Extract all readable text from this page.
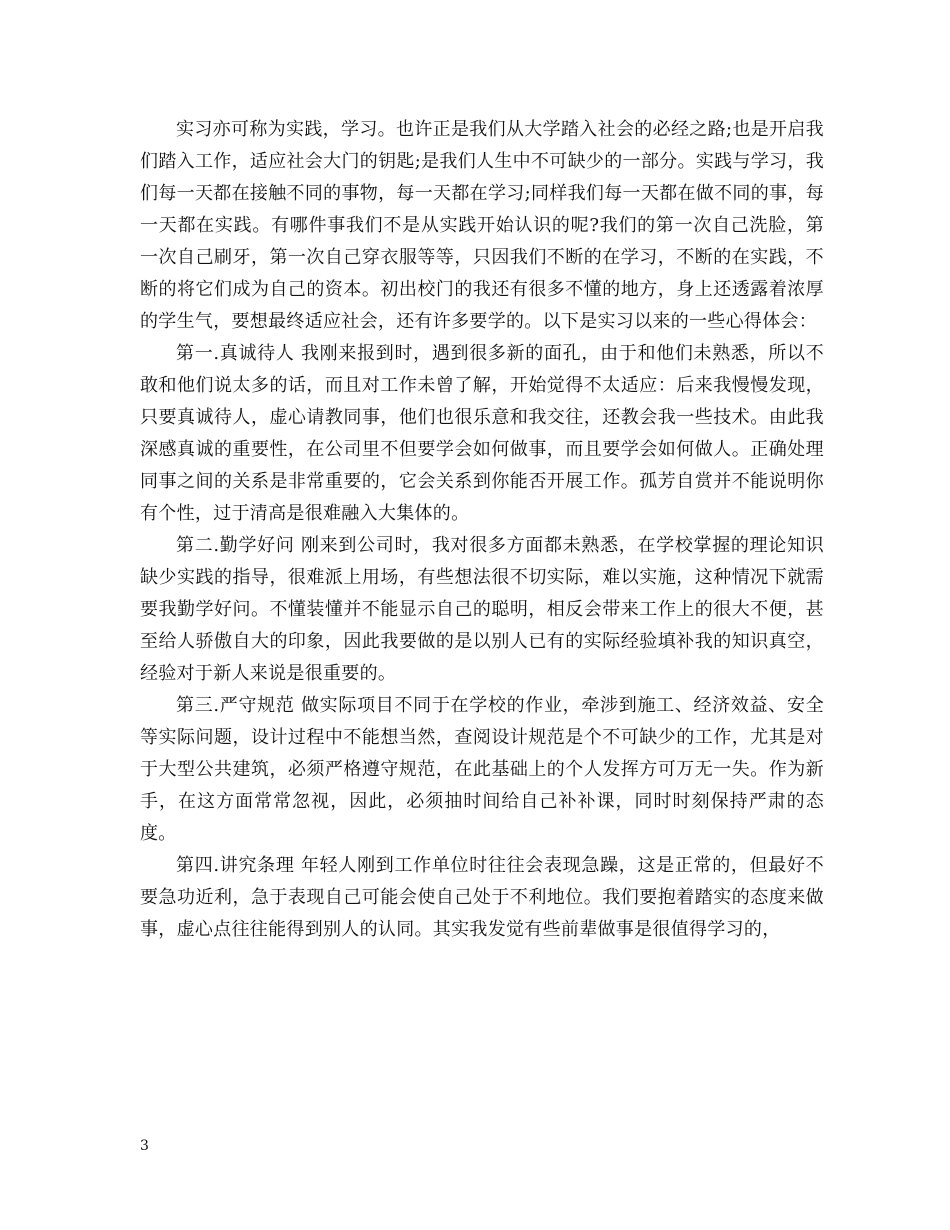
实习亦可称为实践，学习。也许正是我们从大学踏入社会的必经之路;也是开启我们踏入工作，适应社会大门的钥匙;是我们人生中不可缺少的一部分。实践与学习，我们每一天都在接触不同的事物，每一天都在学习;同样我们每一天都在做不同的事，每一天都在实践。有哪件事我们不是从实践开始认识的呢?我们的第一次自己洗脸，第一次自己刷牙，第一次自己穿衣服等等，只因我们不断的在学习，不断的在实践，不断的将它们成为自己的资本。初出校门的我还有很多不懂的地方，身上还透露着浓厚的学生气，要想最终适应社会，还有许多要学的。以下是实习以来的一些心得体会：

第一.真诚待人 我刚来报到时，遇到很多新的面孔，由于和他们未熟悉，所以不敢和他们说太多的话，而且对工作未曾了解，开始觉得不太适应：后来我慢慢发现，只要真诚待人，虚心请教同事，他们也很乐意和我交往，还教会我一些技术。由此我深感真诚的重要性，在公司里不但要学会如何做事，而且要学会如何做人。正确处理同事之间的关系是非常重要的，它会关系到你能否开展工作。孤芳自赏并不能说明你有个性，过于清高是很难融入大集体的。

第二.勤学好问 刚来到公司时，我对很多方面都未熟悉，在学校掌握的理论知识缺少实践的指导，很难派上用场，有些想法很不切实际，难以实施，这种情况下就需要我勤学好问。不懂装懂并不能显示自己的聪明，相反会带来工作上的很大不便，甚至给人骄傲自大的印象，因此我要做的是以别人已有的实际经验填补我的知识真空，经验对于新人来说是很重要的。

第三.严守规范 做实际项目不同于在学校的作业，牵涉到施工、经济效益、安全等实际问题，设计过程中不能想当然，查阅设计规范是个不可缺少的工作，尤其是对于大型公共建筑，必须严格遵守规范，在此基础上的个人发挥方可万无一失。作为新手，在这方面常常忽视，因此，必须抽时间给自己补补课，同时时刻保持严肃的态度。

第四.讲究条理 年轻人刚到工作单位时往往会表现急躁，这是正常的，但最好不要急功近利，急于表现自己可能会使自己处于不利地位。我们要抱着踏实的态度来做事，虚心点往往能得到别人的认同。其实我发觉有些前辈做事是很值得学习的，

3
